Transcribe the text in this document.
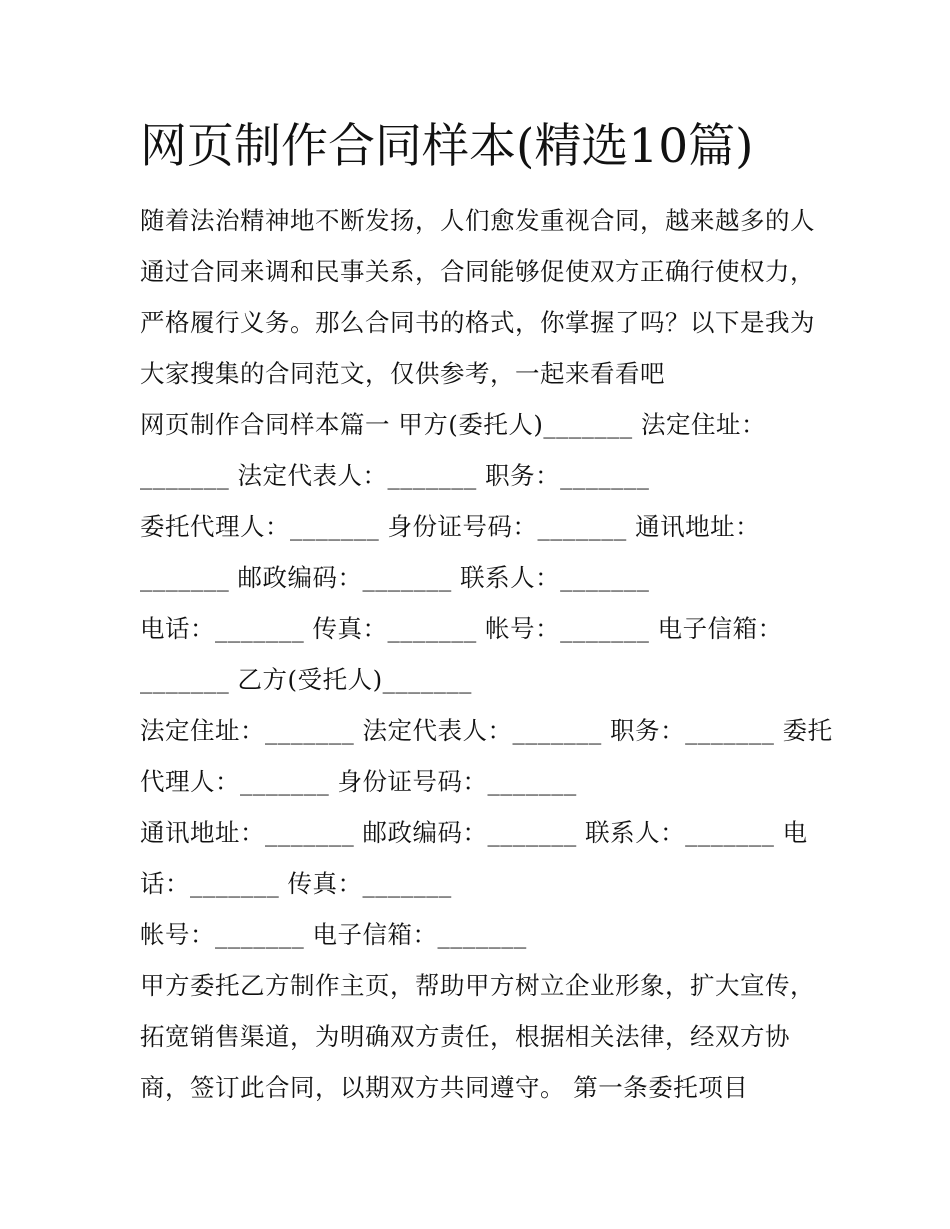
网页制作合同样本(精选10篇)
随着法治精神地不断发扬，人们愈发重视合同，越来越多的人
通过合同来调和民事关系，合同能够促使双方正确行使权力，
严格履行义务。那么合同书的格式，你掌握了吗？以下是我为
大家搜集的合同范文，仅供参考，一起来看看吧
网页制作合同样本篇一 甲方(委托人)_______ 法定住址：
_______ 法定代表人：_______ 职务：_______
委托代理人：_______ 身份证号码：_______ 通讯地址：
_______ 邮政编码：_______ 联系人：_______
电话：_______ 传真：_______ 帐号：_______ 电子信箱：
_______ 乙方(受托人)_______
法定住址：_______ 法定代表人：_______ 职务：_______ 委托
代理人：_______ 身份证号码：_______
通讯地址：_______ 邮政编码：_______ 联系人：_______ 电
话：_______ 传真：_______
帐号：_______ 电子信箱：_______
甲方委托乙方制作主页，帮助甲方树立企业形象，扩大宣传，
拓宽销售渠道，为明确双方责任，根据相关法律，经双方协
商，签订此合同，以期双方共同遵守。 第一条委托项目
